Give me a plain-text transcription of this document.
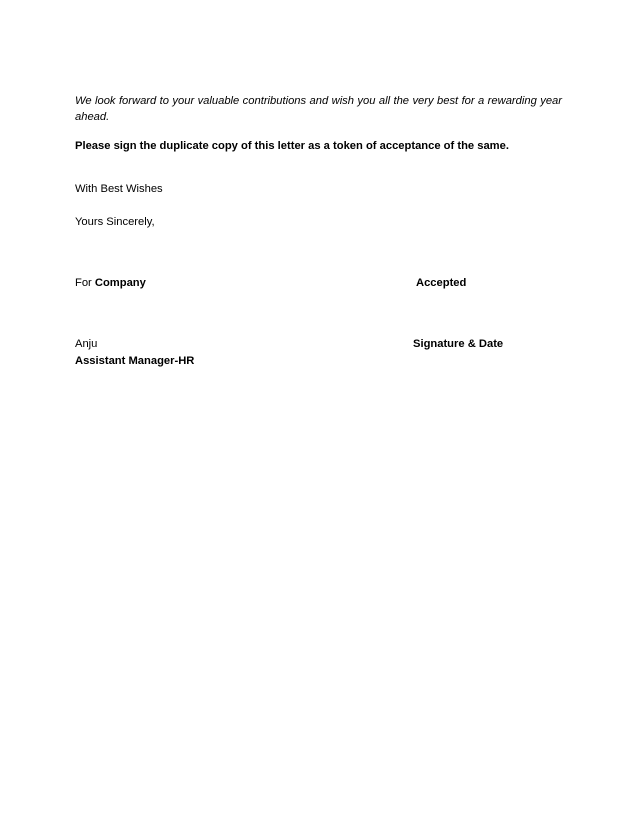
We look forward to your valuable contributions and wish you all the very best for a rewarding year ahead.

Please sign the duplicate copy of this letter as a token of acceptance of the same.

With Best Wishes

Yours Sincerely,

For Company	Accepted

Anju	Signature & Date

Assistant Manager-HR
